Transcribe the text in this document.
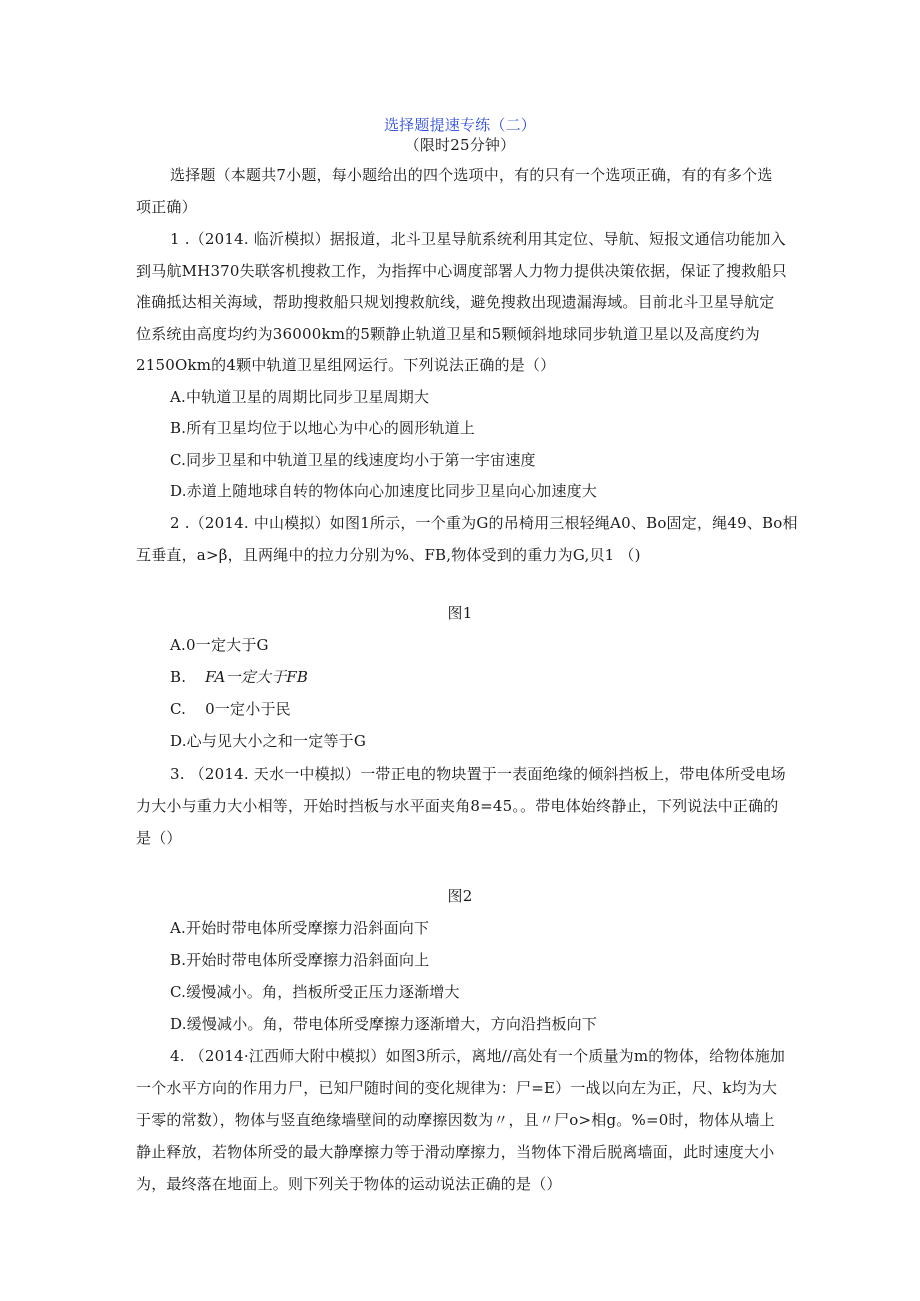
选择题提速专练（二）
（限时25分钟）
选择题（本题共7小题，每小题给出的四个选项中，有的只有一个选项正确，有的有多个选
项正确）
1 .（2014. 临沂模拟）据报道，北斗卫星导航系统利用其定位、导航、短报文通信功能加入
到马航MH370失联客机搜救工作，为指挥中心调度部署人力物力提供决策依据，保证了搜救船只
准确抵达相关海域，帮助搜救船只规划搜救航线，避免搜救出现遗漏海域。目前北斗卫星导航定
位系统由高度均约为36000km的5颗静止轨道卫星和5颗倾斜地球同步轨道卫星以及高度约为
2150Okm的4颗中轨道卫星组网运行。下列说法正确的是（）
A.中轨道卫星的周期比同步卫星周期大
B.所有卫星均位于以地心为中心的圆形轨道上
C.同步卫星和中轨道卫星的线速度均小于第一宇宙速度
D.赤道上随地球自转的物体向心加速度比同步卫星向心加速度大
2 .（2014. 中山模拟）如图1所示，一个重为G的吊椅用三根轻绳A0、Bo固定，绳49、Bo相
互垂直，a>β，且两绳中的拉力分别为%、FB,物体受到的重力为G,贝1 （)
图1
A.0一定大于G
B. FA一定大于FB
C. 0一定小于民
D.心与见大小之和一定等于G
3. （2014. 天水一中模拟）一带正电的物块置于一表面绝缘的倾斜挡板上，带电体所受电场
力大小与重力大小相等，开始时挡板与水平面夹角8=45。。带电体始终静止，下列说法中正确的
是（）
图2
A.开始时带电体所受摩擦力沿斜面向下
B.开始时带电体所受摩擦力沿斜面向上
C.缓慢减小。角，挡板所受正压力逐渐增大
D.缓慢减小。角，带电体所受摩擦力逐渐增大，方向沿挡板向下
4. （2014·江西师大附中模拟）如图3所示，离地//高处有一个质量为m的物体，给物体施加
一个水平方向的作用力尸，已知尸随时间的变化规律为：尸=E）一战以向左为正，尺、k均为大
于零的常数），物体与竖直绝缘墙壁间的动摩擦因数为〃，且〃尸o>相g。%=0时，物体从墙上
静止释放，若物体所受的最大静摩擦力等于滑动摩擦力，当物体下滑后脱离墙面，此时速度大小
为，最终落在地面上。则下列关于物体的运动说法正确的是（）
